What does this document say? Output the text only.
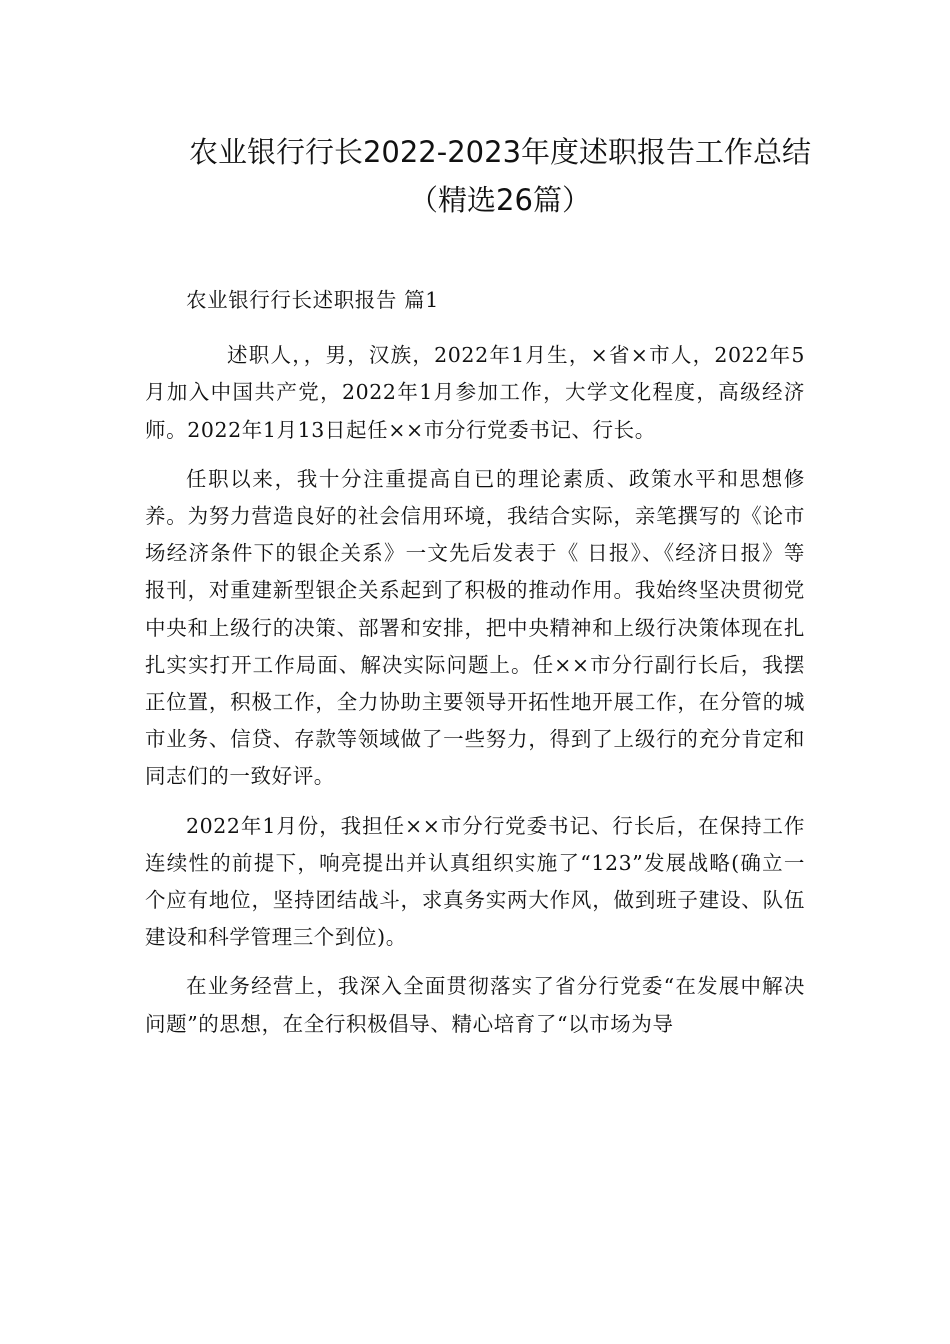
农业银行行长2022-2023年度述职报告工作总结（精选26篇）

农业银行行长述职报告 篇1

述职人，，男，汉族，2022年1月生，×省×市人，2022年5月加入中国共产党，2022年1月参加工作，大学文化程度，高级经济师。2022年1月13日起任××市分行党委书记、行长。

任职以来，我十分注重提高自已的理论素质、政策水平和思想修养。为努力营造良好的社会信用环境，我结合实际，亲笔撰写的《论市场经济条件下的银企关系》一文先后发表于《 日报》、《经济日报》等报刊，对重建新型银企关系起到了积极的推动作用。我始终坚决贯彻党中央和上级行的决策、部署和安排，把中央精神和上级行决策体现在扎扎实实打开工作局面、解决实际问题上。任××市分行副行长后，我摆正位置，积极工作，全力协助主要领导开拓性地开展工作，在分管的城市业务、信贷、存款等领域做了一些努力，得到了上级行的充分肯定和同志们的一致好评。

2022年1月份，我担任××市分行党委书记、行长后，在保持工作连续性的前提下，响亮提出并认真组织实施了“123”发展战略(确立一个应有地位，坚持团结战斗，求真务实两大作风，做到班子建设、队伍建设和科学管理三个到位)。

在业务经营上，我深入全面贯彻落实了省分行党委“在发展中解决问题”的思想，在全行积极倡导、精心培育了“以市场为导
